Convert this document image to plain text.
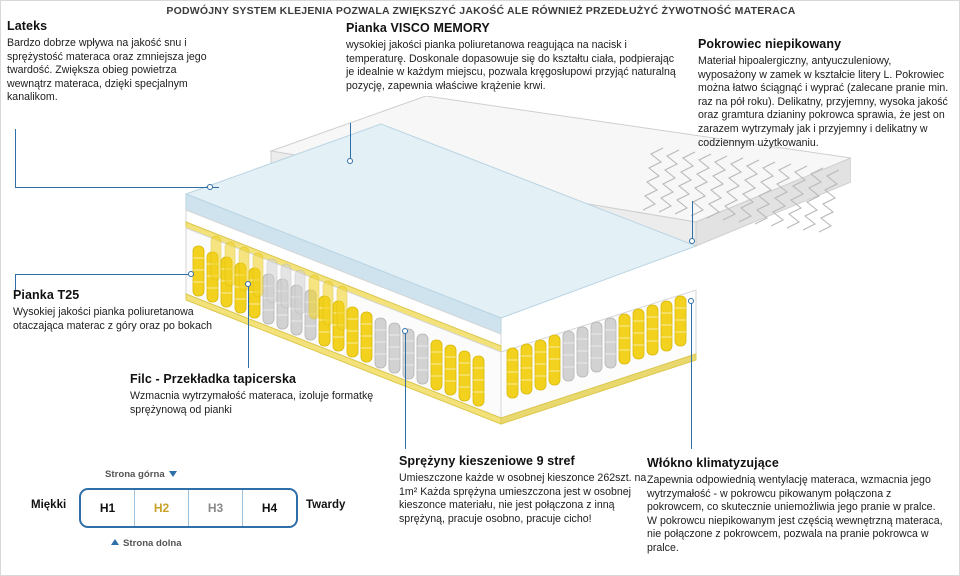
PODWÓJNY SYSTEM KLEJENIA POZWALA ZWIĘKSZYĆ JAKOŚĆ ALE RÓWNIEŻ PRZEDŁUŻYĆ ŻYWOTNOŚĆ MATERACA
Lateks
Bardzo dobrze wpływa na jakość snu i sprężystość materaca oraz zmniejsza jego twardość. Zwiększa obieg powietrza wewnątrz materaca, dzięki specjalnym kanalikom.
Pianka VISCO MEMORY
wysokiej jakości pianka poliuretanowa reagująca na nacisk i temperaturę. Doskonale dopasowuje się do kształtu ciała, podpierając je idealnie w każdym miejscu, pozwala kręgosłupowi przyjąć naturalną pozycję, zapewnia właściwe krążenie krwi.
Pokrowiec niepikowany
Materiał hipoalergiczny, antyuczuleniowy, wyposażony w zamek w kształcie litery L. Pokrowiec można łatwo ściągnąć i wyprać (zalecane pranie min. raz na pół roku). Delikatny, przyjemny, wysoka jakość oraz gramtura dzianiny pokrowca sprawia, że jest on zarazem wytrzymały jak i przyjemny i delikatny w codziennym użytkowaniu.
Pianka T25
Wysokiej jakości pianka poliuretanowa otaczająca materac z góry oraz po bokach
Filc - Przekładka tapicerska
Wzmacnia wytrzymałość materaca, izoluje formatkę sprężynową od pianki
Sprężyny kieszeniowe 9 stref
Umieszczone każde w osobnej kieszonce 262szt. na 1m² Każda sprężyna umieszczona jest w osobnej kieszonce materiału, nie jest połączona z inną sprężyną, pracuje osobno, pracuje cicho!
Włókno klimatyzujące
Zapewnia odpowiednią wentylację materaca, wzmacnia jego wytrzymałość - w pokrowcu pikowanym połączona z pokrowcem, co skutecznie uniemożliwia jego pranie w pralce. W pokrowcu niepikowanym jest częścią wewnętrzną materaca, nie połączone z pokrowcem, pozwala na pranie pokrowca w pralce.
Strona górna
Miękki	H1	H2	H3	H4	Twardy
Strona dolna
